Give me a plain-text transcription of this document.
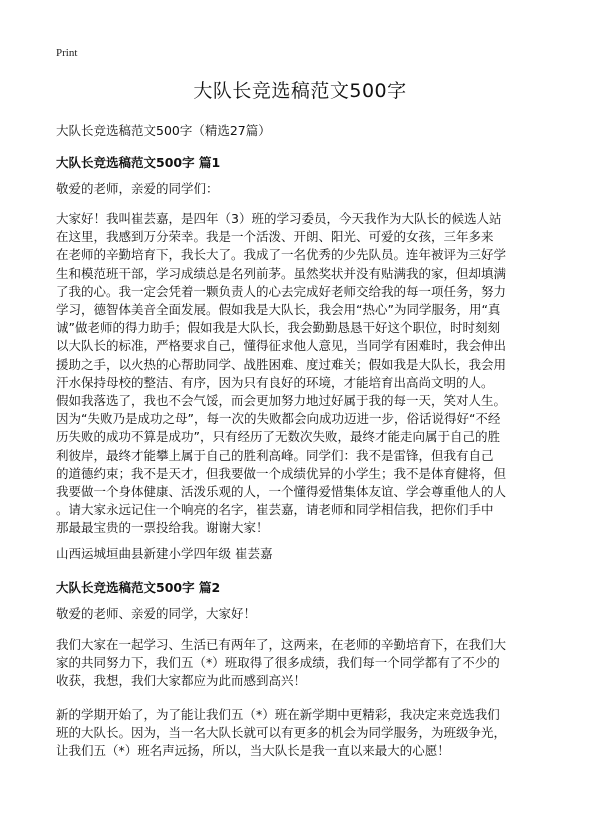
Print
大队长竞选稿范文500字
大队长竞选稿范文500字（精选27篇）
大队长竞选稿范文500字 篇1
敬爱的老师，亲爱的同学们：
大家好！我叫崔芸嘉，是四年（3）班的学习委员，今天我作为大队长的候选人站
在这里，我感到万分荣幸。我是一个活泼、开朗、阳光、可爱的女孩，三年多来
在老师的辛勤培育下，我长大了。我成了一名优秀的少先队员。连年被评为三好学
生和模范班干部，学习成绩总是名列前茅。虽然奖状并没有贴满我的家，但却填满
了我的心。我一定会凭着一颗负责人的心去完成好老师交给我的每一项任务，努力
学习，德智体美音全面发展。假如我是大队长，我会用“热心”为同学服务，用“真
诚”做老师的得力助手；假如我是大队长，我会勤勤恳恳干好这个职位，时时刻刻
以大队长的标准，严格要求自己，懂得征求他人意见，当同学有困难时，我会伸出
援助之手，以火热的心帮助同学、战胜困难、度过难关；假如我是大队长，我会用
汗水保持母校的整洁、有序，因为只有良好的环境，才能培育出高尚文明的人。
假如我落选了，我也不会气馁，而会更加努力地过好属于我的每一天，笑对人生。
因为“失败乃是成功之母”，每一次的失败都会向成功迈进一步，俗话说得好“不经
历失败的成功不算是成功”，只有经历了无数次失败，最终才能走向属于自己的胜
利彼岸，最终才能攀上属于自己的胜利高峰。同学们：我不是雷锋，但我有自己
的道德约束；我不是天才，但我要做一个成绩优异的小学生；我不是体育健将，但
我要做一个身体健康、活泼乐观的人，一个懂得爱惜集体友谊、学会尊重他人的人
。请大家永远记住一个响亮的名字，崔芸嘉，请老师和同学相信我，把你们手中
那最最宝贵的一票投给我。谢谢大家！
山西运城垣曲县新建小学四年级 崔芸嘉
大队长竞选稿范文500字 篇2
敬爱的老师、亲爱的同学，大家好！
我们大家在一起学习、生活已有两年了，这两来，在老师的辛勤培育下，在我们大
家的共同努力下，我们五（*）班取得了很多成绩，我们每一个同学都有了不少的
收获，我想，我们大家都应为此而感到高兴！
新的学期开始了，为了能让我们五（*）班在新学期中更精彩，我决定来竞选我们
班的大队长。因为，当一名大队长就可以有更多的机会为同学服务，为班级争光，
让我们五（*）班名声远扬，所以，当大队长是我一直以来最大的心愿！
